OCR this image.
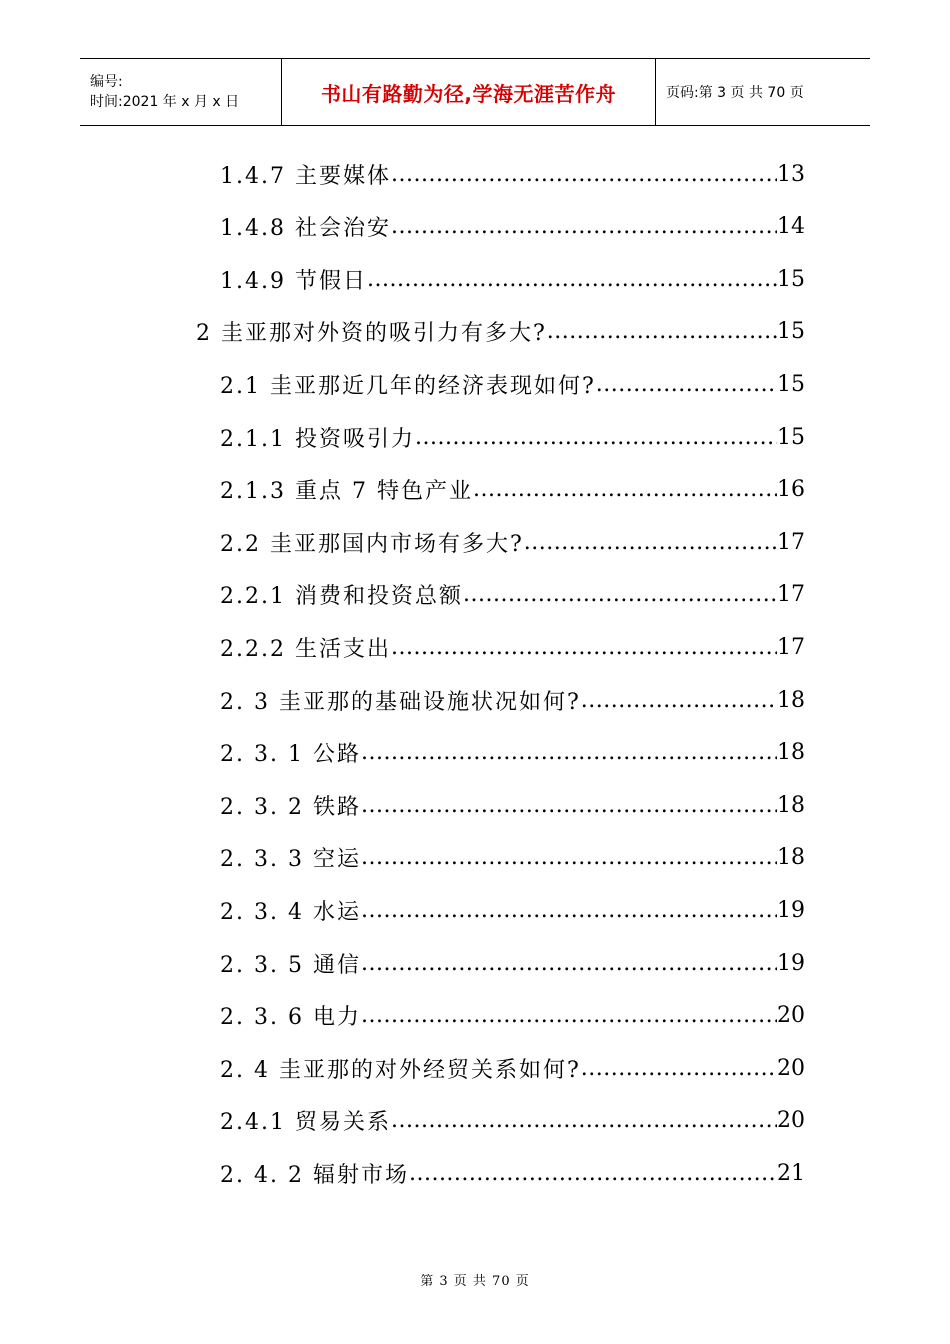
编号:
时间:2021 年 x 月 x 日	书山有路勤为径,学海无涯苦作舟	页码:第 3 页 共 70 页
1.4.7 主要媒体 .....	13
1.4.8 社会治安 .....	14
1.4.9 节假日 .....	15
2 圭亚那对外资的吸引力有多大? .....	15
2.1 圭亚那近几年的经济表现如何? .....	15
2.1.1 投资吸引力 .....	15
2.1.3 重点 7 特色产业 .....	16
2.2 圭亚那国内市场有多大? .....	17
2.2.1 消费和投资总额 .....	17
2.2.2 生活支出 .....	17
2. 3 圭亚那的基础设施状况如何? .....	18
2. 3. 1 公路 .....	18
2. 3. 2 铁路 .....	18
2. 3. 3 空运 .....	18
2. 3. 4 水运 .....	19
2. 3. 5 通信 .....	19
2. 3. 6 电力 .....	20
2. 4 圭亚那的对外经贸关系如何? .....	20
2.4.1 贸易关系 .....	20
2. 4. 2 辐射市场 .....	21
第 3 页 共 70 页
